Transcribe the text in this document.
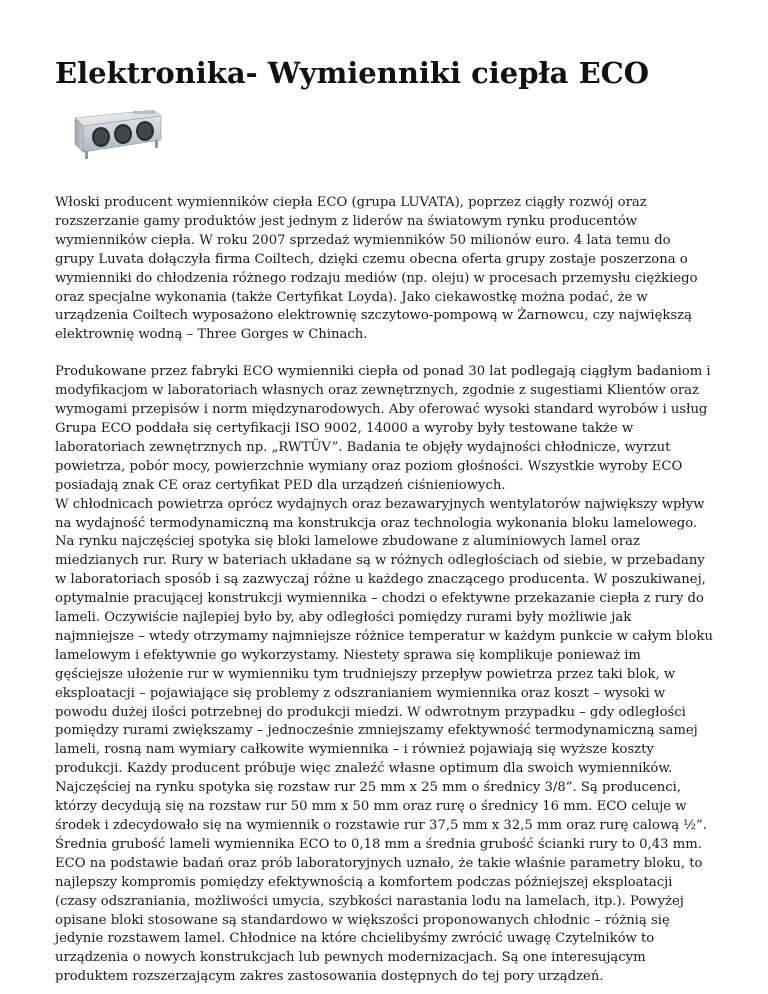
Elektronika- Wymienniki ciepła ECO

Włoski producent wymienników ciepła ECO (grupa LUVATA), poprzez ciągły rozwój oraz rozszerzanie gamy produktów jest jednym z liderów na światowym rynku producentów wymienników ciepła. W roku 2007 sprzedaż wymienników 50 milionów euro. 4 lata temu do grupy Luvata dołączyła firma Coiltech, dzięki czemu obecna oferta grupy zostaje poszerzona o wymienniki do chłodzenia różnego rodzaju mediów (np. oleju) w procesach przemysłu ciężkiego oraz specjalne wykonania (także Certyfikat Loyda). Jako ciekawostkę można podać, że w urządzenia Coiltech wyposażono elektrownię szczytowo-pompową w Żarnowcu, czy największą elektrownię wodną – Three Gorges w Chinach.

Produkowane przez fabryki ECO wymienniki ciepła od ponad 30 lat podlegają ciągłym badaniom i modyfikacjom w laboratoriach własnych oraz zewnętrznych, zgodnie z sugestiami Klientów oraz wymogami przepisów i norm międzynarodowych. Aby oferować wysoki standard wyrobów i usług Grupa ECO poddała się certyfikacji ISO 9002, 14000 a wyroby były testowane także w laboratoriach zewnętrznych np. „RWTÜV”. Badania te objęły wydajności chłodnicze, wyrzut powietrza, pobór mocy, powierzchnie wymiany oraz poziom głośności. Wszystkie wyroby ECO posiadają znak CE oraz certyfikat PED dla urządzeń ciśnieniowych.

W chłodnicach powietrza oprócz wydajnych oraz bezawaryjnych wentylatorów największy wpływ na wydajność termodynamiczną ma konstrukcja oraz technologia wykonania bloku lamelowego. Na rynku najczęściej spotyka się bloki lamelowe zbudowane z aluminiowych lamel oraz miedzianych rur. Rury w bateriach układane są w różnych odległościach od siebie, w przebadany w laboratoriach sposób i są zazwyczaj różne u każdego znaczącego producenta. W poszukiwanej, optymalnie pracującej konstrukcji wymiennika – chodzi o efektywne przekazanie ciepła z rury do lameli. Oczywiście najlepiej było by, aby odległości pomiędzy rurami były możliwie jak najmniejsze – wtedy otrzymamy najmniejsze różnice temperatur w każdym punkcie w całym bloku lamelowym i efektywnie go wykorzystamy. Niestety sprawa się komplikuje ponieważ im gęściejsze ułożenie rur w wymienniku tym trudniejszy przepływ powietrza przez taki blok, w eksploatacji – pojawiające się problemy z odszranianiem wymiennika oraz koszt – wysoki w powodu dużej ilości potrzebnej do produkcji miedzi. W odwrotnym przypadku – gdy odległości pomiędzy rurami zwiększamy – jednocześnie zmniejszamy efektywność termodynamiczną samej lameli, rosną nam wymiary całkowite wymiennika – i również pojawiają się wyższe koszty produkcji. Każdy producent próbuje więc znaleźć własne optimum dla swoich wymienników.

Najczęściej na rynku spotyka się rozstaw rur 25 mm x 25 mm o średnicy 3/8”. Są producenci, którzy decydują się na rozstaw rur 50 mm x 50 mm oraz rurę o średnicy 16 mm. ECO celuje w środek i zdecydowało się na wymiennik o rozstawie rur 37,5 mm x 32,5 mm oraz rurę calową ½”. Średnia grubość lameli wymiennika ECO to 0,18 mm a średnia grubość ścianki rury to 0,43 mm. ECO na podstawie badań oraz prób laboratoryjnych uznało, że takie właśnie parametry bloku, to najlepszy kompromis pomiędzy efektywnością a komfortem podczas późniejszej eksploatacji (czasy odszraniania, możliwości umycia, szybkości narastania lodu na lamelach, itp.). Powyżej opisane bloki stosowane są standardowo w większości proponowanych chłodnic – różnią się jedynie rozstawem lamel. Chłodnice na które chcielibyśmy zwrócić uwagę Czytelników to urządzenia o nowych konstrukcjach lub pewnych modernizacjach. Są one interesującym produktem rozszerzającym zakres zastosowania dostępnych do tej pory urządzeń.
